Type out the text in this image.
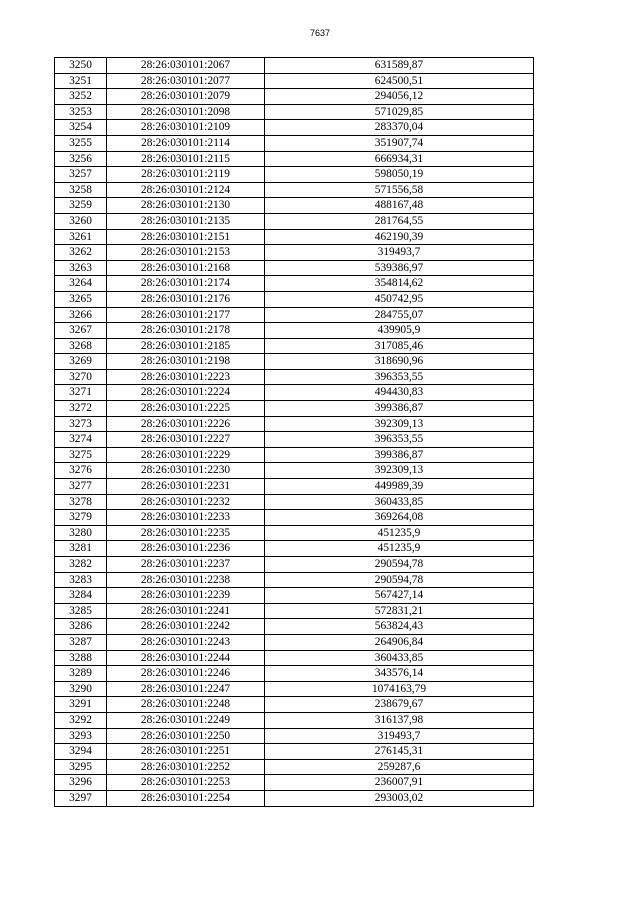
7637
3250	28:26:030101:2067	631589,87
3251	28:26:030101:2077	624500,51
3252	28:26:030101:2079	294056,12
3253	28:26:030101:2098	571029,85
3254	28:26:030101:2109	283370,04
3255	28:26:030101:2114	351907,74
3256	28:26:030101:2115	666934,31
3257	28:26:030101:2119	598050,19
3258	28:26:030101:2124	571556,58
3259	28:26:030101:2130	488167,48
3260	28:26:030101:2135	281764,55
3261	28:26:030101:2151	462190,39
3262	28:26:030101:2153	319493,7
3263	28:26:030101:2168	539386,97
3264	28:26:030101:2174	354814,62
3265	28:26:030101:2176	450742,95
3266	28:26:030101:2177	284755,07
3267	28:26:030101:2178	439905,9
3268	28:26:030101:2185	317085,46
3269	28:26:030101:2198	318690,96
3270	28:26:030101:2223	396353,55
3271	28:26:030101:2224	494430,83
3272	28:26:030101:2225	399386,87
3273	28:26:030101:2226	392309,13
3274	28:26:030101:2227	396353,55
3275	28:26:030101:2229	399386,87
3276	28:26:030101:2230	392309,13
3277	28:26:030101:2231	449989,39
3278	28:26:030101:2232	360433,85
3279	28:26:030101:2233	369264,08
3280	28:26:030101:2235	451235,9
3281	28:26:030101:2236	451235,9
3282	28:26:030101:2237	290594,78
3283	28:26:030101:2238	290594,78
3284	28:26:030101:2239	567427,14
3285	28:26:030101:2241	572831,21
3286	28:26:030101:2242	563824,43
3287	28:26:030101:2243	264906,84
3288	28:26:030101:2244	360433,85
3289	28:26:030101:2246	343576,14
3290	28:26:030101:2247	1074163,79
3291	28:26:030101:2248	238679,67
3292	28:26:030101:2249	316137,98
3293	28:26:030101:2250	319493,7
3294	28:26:030101:2251	276145,31
3295	28:26:030101:2252	259287,6
3296	28:26:030101:2253	236007,91
3297	28:26:030101:2254	293003,02
